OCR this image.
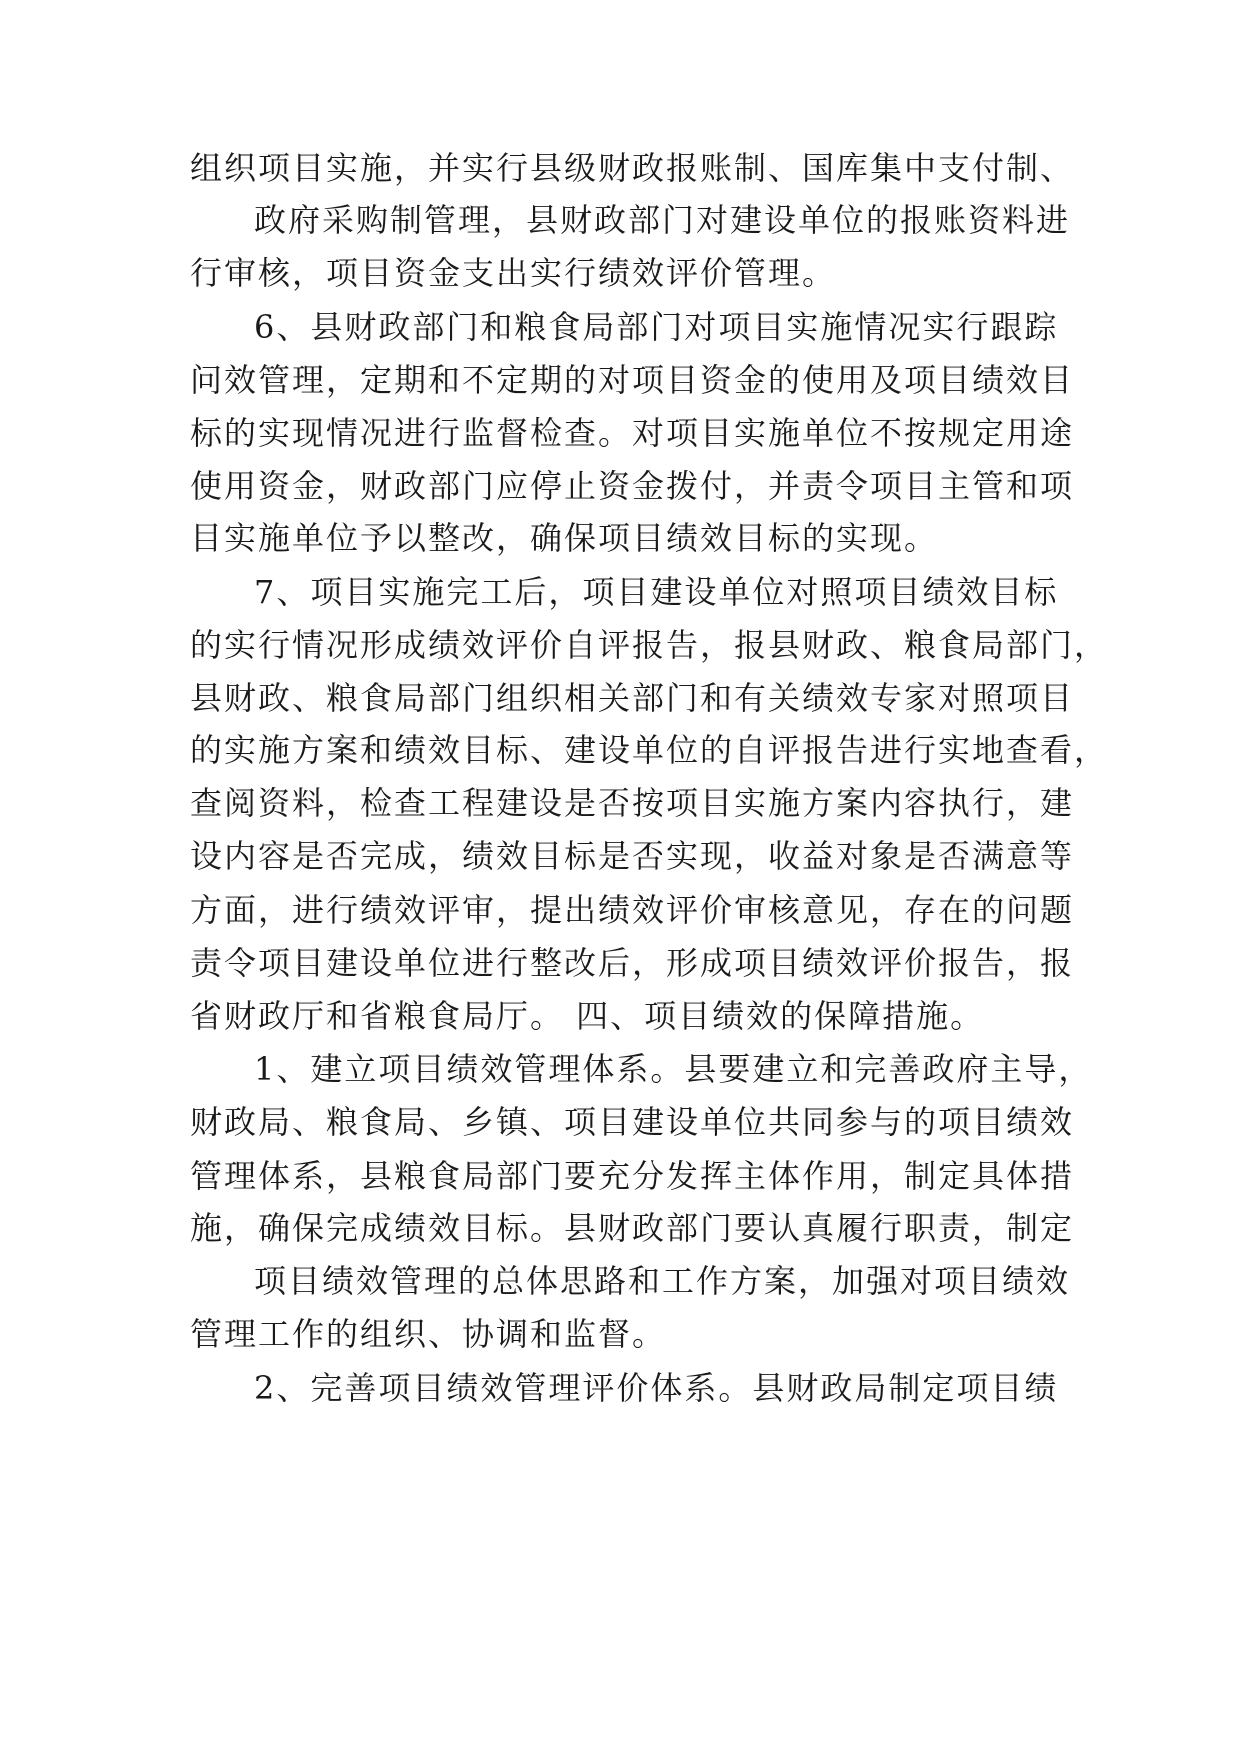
组织项目实施，并实行县级财政报账制、国库集中支付制、
政府采购制管理，县财政部门对建设单位的报账资料进
行审核，项目资金支出实行绩效评价管理。
6、县财政部门和粮食局部门对项目实施情况实行跟踪
问效管理，定期和不定期的对项目资金的使用及项目绩效目
标的实现情况进行监督检查。对项目实施单位不按规定用途
使用资金，财政部门应停止资金拨付，并责令项目主管和项
目实施单位予以整改，确保项目绩效目标的实现。
7、项目实施完工后，项目建设单位对照项目绩效目标
的实行情况形成绩效评价自评报告，报县财政、粮食局部门，
县财政、粮食局部门组织相关部门和有关绩效专家对照项目
的实施方案和绩效目标、建设单位的自评报告进行实地查看，
查阅资料，检查工程建设是否按项目实施方案内容执行，建
设内容是否完成，绩效目标是否实现，收益对象是否满意等
方面，进行绩效评审，提出绩效评价审核意见，存在的问题
责令项目建设单位进行整改后，形成项目绩效评价报告，报
省财政厅和省粮食局厅。 四、项目绩效的保障措施。
1、建立项目绩效管理体系。县要建立和完善政府主导，
财政局、粮食局、乡镇、项目建设单位共同参与的项目绩效
管理体系，县粮食局部门要充分发挥主体作用，制定具体措
施，确保完成绩效目标。县财政部门要认真履行职责，制定
项目绩效管理的总体思路和工作方案，加强对项目绩效
管理工作的组织、协调和监督。
2、完善项目绩效管理评价体系。县财政局制定项目绩
